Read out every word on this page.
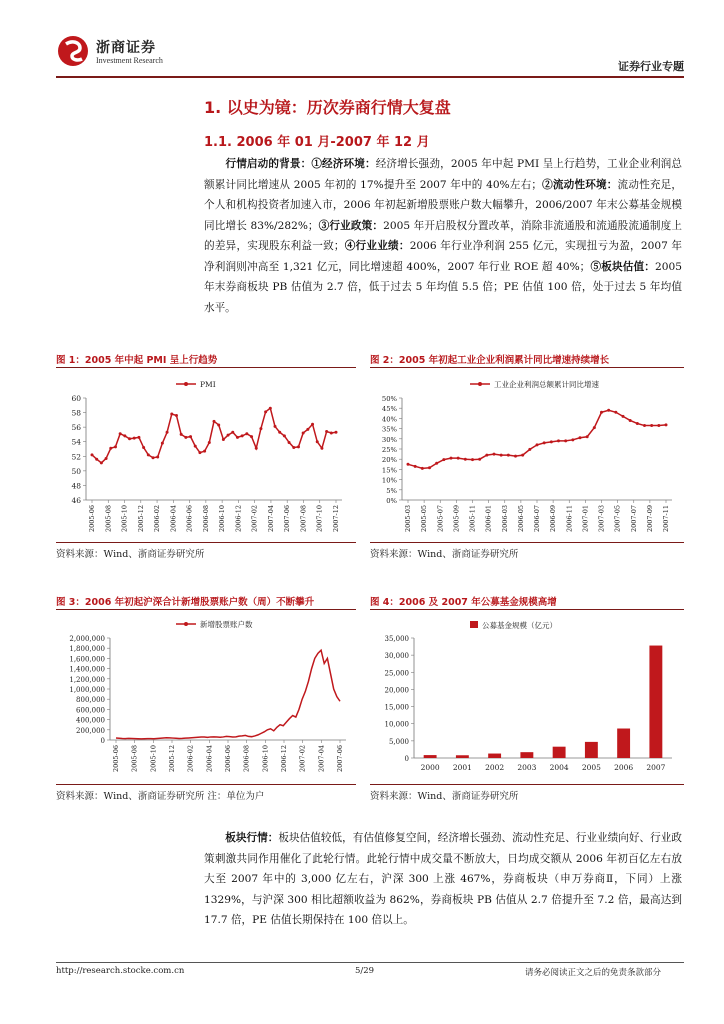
浙商证券
Investment Research	证券行业专题
1. 以史为镜：历次券商行情大复盘
1.1. 2006 年 01 月-2007 年 12 月
　　行情启动的背景：①经济环境：经济增长强劲，2005 年中起 PMI 呈上行趋势，工业企业利润总额累计同比增速从 2005 年初的 17%提升至 2007 年中的 40%左右；②流动性环境：流动性充足，个人和机构投资者加速入市，2006 年初起新增股票账户数大幅攀升，2006/2007 年末公募基金规模同比增长 83%/282%；③行业政策：2005 年开启股权分置改革，消除非流通股和流通股流通制度上的差异，实现股东利益一致；④行业业绩：2006 年行业净利润 255 亿元，实现扭亏为盈，2007 年净利润则冲高至 1,321 亿元，同比增速超 400%，2007 年行业 ROE 超 40%；⑤板块估值：2005 年末券商板块 PB 估值为 2.7 倍，低于过去 5 年均值 5.5 倍；PE 估值 100 倍，处于过去 5 年均值水平。
图 1：2005 年中起 PMI 呈上行趋势	图 2：2005 年初起工业企业利润累计同比增速持续增长
46
48
50
52
54
56
58
60
2005-06 2005-08 2005-10 2005-12 2006-02 2006-04 2006-06 2006-08 2006-10 2006-12 2007-02 2007-04 2007-06 2007-08 2007-10 2007-12
PMI
0%
5%
10%
15%
20%
25%
30%
35%
40%
45%
50%
2005-03 2005-05 2005-07 2005-09 2005-11 2006-01 2006-03 2006-05 2006-07 2006-09 2006-11 2007-01 2007-03 2007-05 2007-07 2007-09 2007-11
工业企业利润总额累计同比增速
资料来源：Wind、浙商证券研究所	资料来源：Wind、浙商证券研究所
图 3：2006 年初起沪深合计新增股票账户数（周）不断攀升	图 4：2006 及 2007 年公募基金规模高增
0
200,000
400,000
600,000
800,000
1,000,000
1,200,000
1,400,000
1,600,000
1,800,000
2,000,000
2005-06 2005-08 2005-10 2005-12 2006-02 2006-04 2006-06 2006-08 2006-10 2006-12 2007-02 2007-04 2007-06
新增股票账户数
0
5,000
10,000
15,000
20,000
25,000
30,000
35,000
2000 2001 2002 2003 2004 2005 2006 2007
公募基金规模（亿元）
资料来源：Wind、浙商证券研究所 注：单位为户	资料来源：Wind、浙商证券研究所
　　板块行情：板块估值较低，有估值修复空间，经济增长强劲、流动性充足、行业业绩向好、行业政策刺激共同作用催化了此轮行情。此轮行情中成交量不断放大，日均成交额从 2006 年初百亿左右放大至 2007 年中的 3,000 亿左右，沪深 300 上涨 467%，券商板块（申万券商Ⅱ，下同）上涨 1329%，与沪深 300 相比超额收益为 862%，券商板块 PB 估值从 2.7 倍提升至 7.2 倍，最高达到 17.7 倍，PE 估值长期保持在 100 倍以上。
http://research.stocke.com.cn	5/29	请务必阅读正文之后的免责条款部分
